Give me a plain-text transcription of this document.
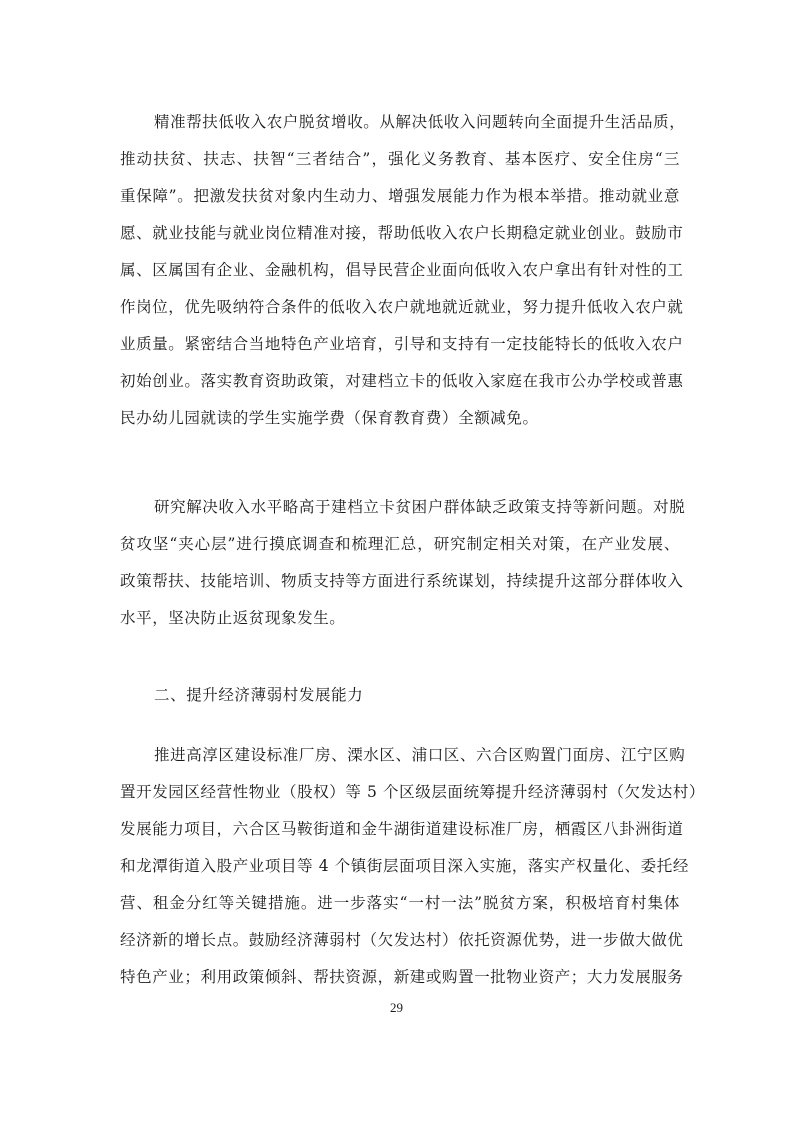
精准帮扶低收入农户脱贫增收。从解决低收入问题转向全面提升生活品质，
推动扶贫、扶志、扶智“三者结合”，强化义务教育、基本医疗、安全住房“三
重保障”。把激发扶贫对象内生动力、增强发展能力作为根本举措。推动就业意
愿、就业技能与就业岗位精准对接，帮助低收入农户长期稳定就业创业。鼓励市
属、区属国有企业、金融机构，倡导民营企业面向低收入农户拿出有针对性的工
作岗位，优先吸纳符合条件的低收入农户就地就近就业，努力提升低收入农户就
业质量。紧密结合当地特色产业培育，引导和支持有一定技能特长的低收入农户
初始创业。落实教育资助政策，对建档立卡的低收入家庭在我市公办学校或普惠
民办幼儿园就读的学生实施学费（保育教育费）全额减免。
研究解决收入水平略高于建档立卡贫困户群体缺乏政策支持等新问题。对脱
贫攻坚“夹心层”进行摸底调查和梳理汇总，研究制定相关对策，在产业发展、
政策帮扶、技能培训、物质支持等方面进行系统谋划，持续提升这部分群体收入
水平，坚决防止返贫现象发生。
二、提升经济薄弱村发展能力
推进高淳区建设标准厂房、溧水区、浦口区、六合区购置门面房、江宁区购
置开发园区经营性物业（股权）等 5 个区级层面统筹提升经济薄弱村（欠发达村）
发展能力项目，六合区马鞍街道和金牛湖街道建设标准厂房，栖霞区八卦洲街道
和龙潭街道入股产业项目等 4 个镇街层面项目深入实施，落实产权量化、委托经
营、租金分红等关键措施。进一步落实“一村一法”脱贫方案，积极培育村集体
经济新的增长点。鼓励经济薄弱村（欠发达村）依托资源优势，进一步做大做优
特色产业；利用政策倾斜、帮扶资源，新建或购置一批物业资产；大力发展服务
29
